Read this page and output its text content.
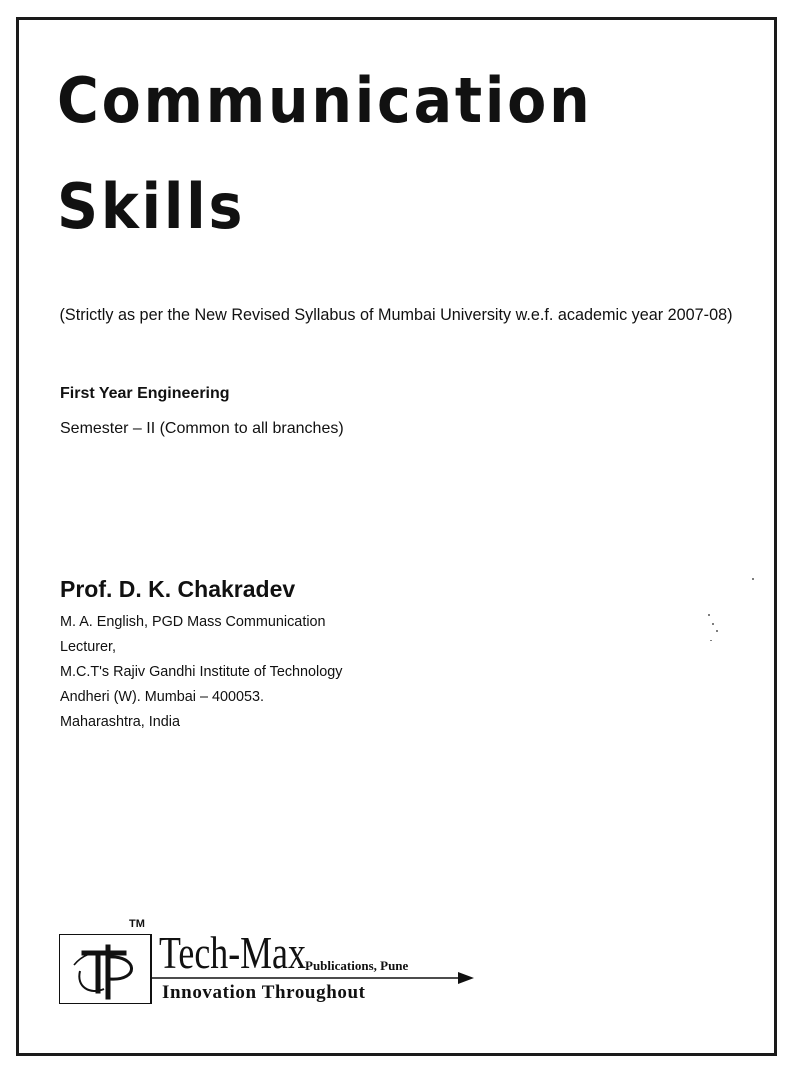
Communication
Skills
(Strictly as per the New Revised Syllabus of Mumbai University w.e.f. academic year 2007-08)
First Year Engineering
Semester – II (Common to all branches)
Prof. D. K. Chakradev
M. A. English, PGD Mass Communication
Lecturer,
M.C.T's Rajiv Gandhi Institute of Technology
Andheri (W). Mumbai – 400053.
Maharashtra, India
TM
Tech-Max Publications, Pune
Innovation Throughout
